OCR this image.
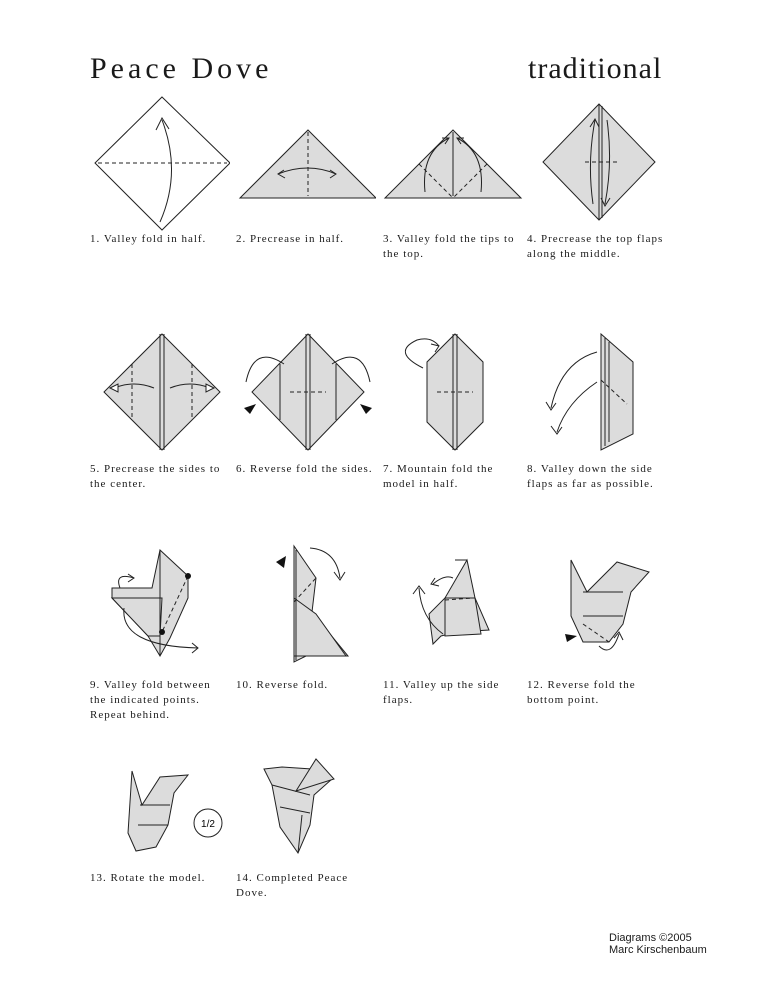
Peace Dove	traditional
1. Valley fold in half.	2. Precrease in half.	3. Valley fold the tips to the top.
4. Precrease the top flaps along the middle.
5. Precrease the sides to the center.
6. Reverse fold the sides. 7. Mountain fold the model in half.
8. Valley down the side flaps as far as possible.
9. Valley fold between the indicated points. Repeat behind.
10. Reverse fold.	11. Valley up the side flaps.
12. Reverse fold the bottom point.
1/2
13. Rotate the model.	14. Completed Peace Dove.
Diagrams ©2005
Marc Kirschenbaum
